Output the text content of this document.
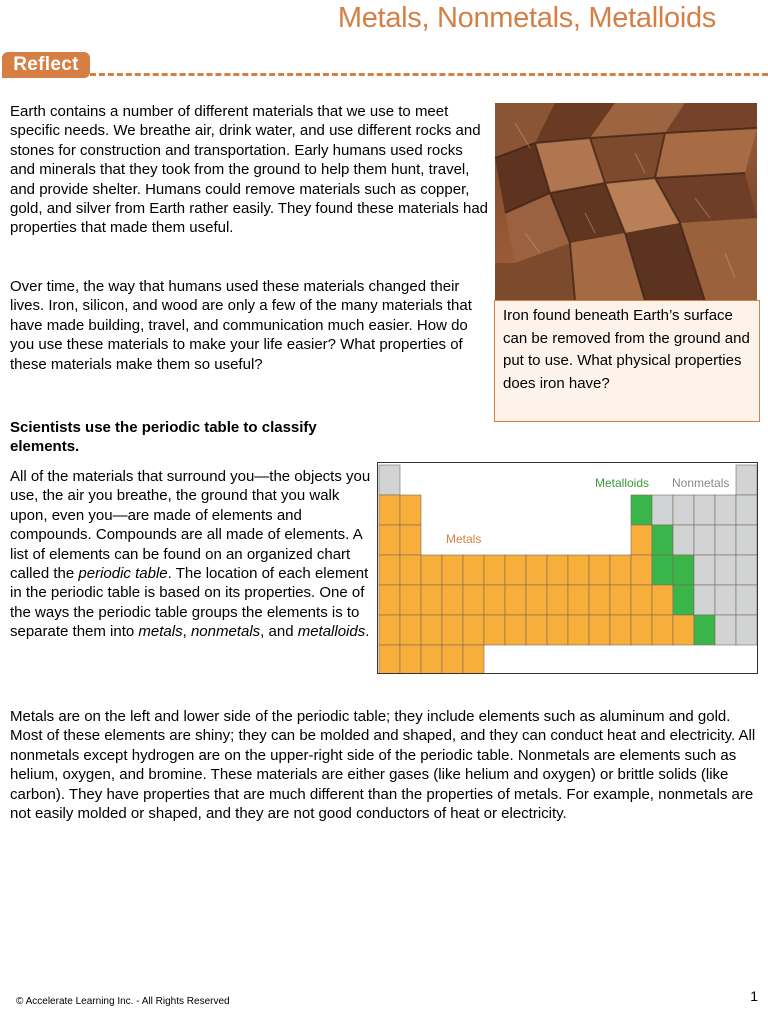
Metals, Nonmetals, Metalloids
Reflect

Earth contains a number of different materials that we use to meet specific needs. We breathe air, drink water, and use different rocks and stones for construction and transportation. Early humans used rocks and minerals that they took from the ground to help them hunt, travel, and provide shelter. Humans could remove materials such as copper, gold, and silver from Earth rather easily. They found these materials had properties that made them useful.

Over time, the way that humans used these materials changed their lives. Iron, silicon, and wood are only a few of the many materials that have made building, travel, and communication much easier. How do you use these materials to make your life easier? What properties of these materials make them so useful?

Iron found beneath Earth’s surface can be removed from the ground and put to use. What physical properties does iron have?

Scientists use the periodic table to classify elements.

All of the materials that surround you—the objects you use, the air you breathe, the ground that you walk upon, even you—are made of elements and compounds. Compounds are all made of elements. A list of elements can be found on an organized chart called the periodic table. The location of each element in the periodic table is based on its properties. One of the ways the periodic table groups the elements is to separate them into metals, nonmetals, and metalloids.

Metals
Metalloids Nonmetals

Metals are on the left and lower side of the periodic table; they include elements such as aluminum and gold. Most of these elements are shiny; they can be molded and shaped, and they can conduct heat and electricity. All nonmetals except hydrogen are on the upper-right side of the periodic table. Nonmetals are elements such as helium, oxygen, and bromine. These materials are either gases (like helium and oxygen) or brittle solids (like carbon). They have properties that are much different than the properties of metals. For example, nonmetals are not easily molded or shaped, and they are not good conductors of heat or electricity.

© Accelerate Learning Inc. - All Rights Reserved	1
